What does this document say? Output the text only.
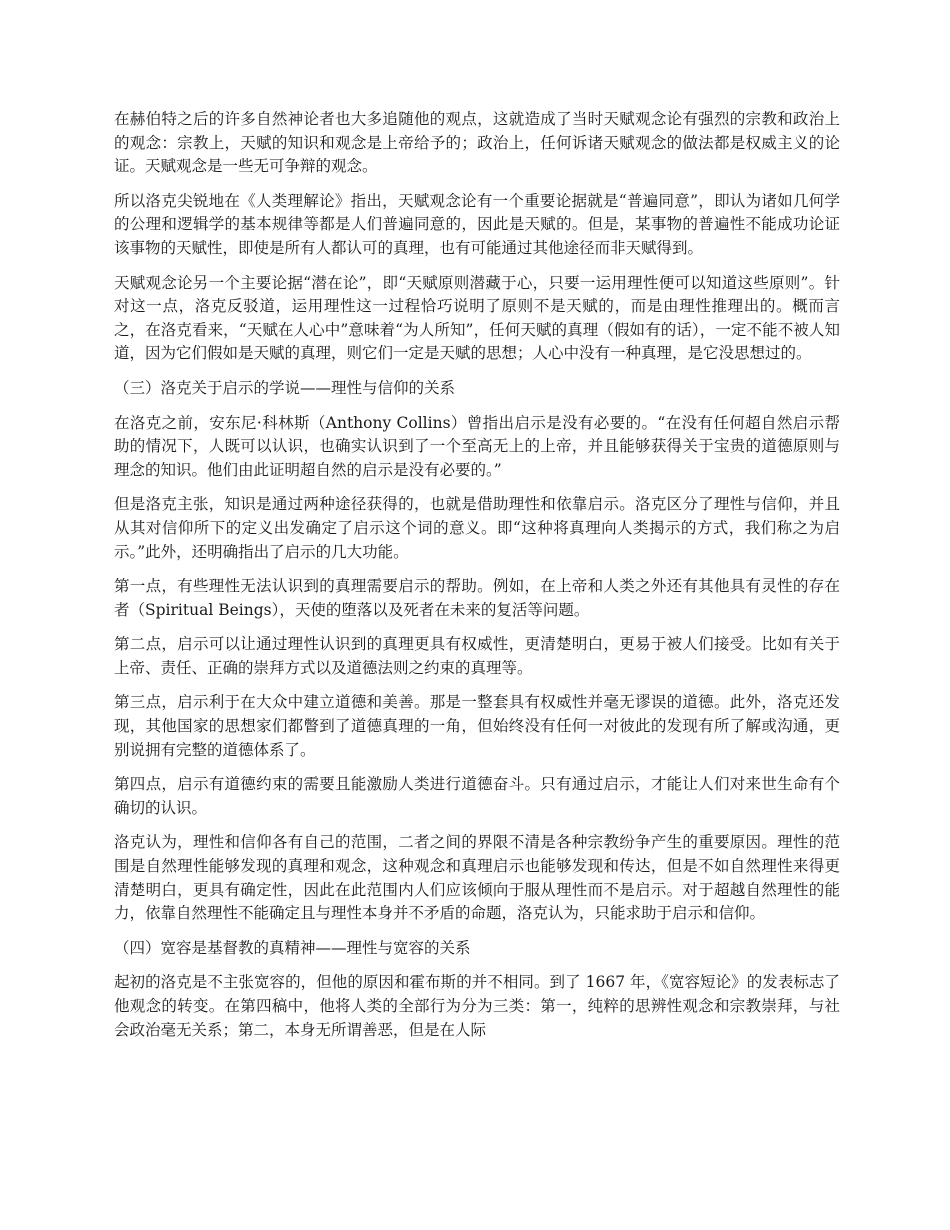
在赫伯特之后的许多自然神论者也大多追随他的观点，这就造成了当时天赋观念论有强烈的宗教和政治上的观念：宗教上，天赋的知识和观念是上帝给予的；政治上，任何诉诸天赋观念的做法都是权威主义的论证。天赋观念是一些无可争辩的观念。

所以洛克尖锐地在《人类理解论》指出，天赋观念论有一个重要论据就是“普遍同意”，即认为诸如几何学的公理和逻辑学的基本规律等都是人们普遍同意的，因此是天赋的。但是，某事物的普遍性不能成功论证该事物的天赋性，即使是所有人都认可的真理，也有可能通过其他途径而非天赋得到。

天赋观念论另一个主要论据“潜在论”，即“天赋原则潜藏于心，只要一运用理性便可以知道这些原则”。针对这一点，洛克反驳道，运用理性这一过程恰巧说明了原则不是天赋的，而是由理性推理出的。概而言之，在洛克看来，“天赋在人心中”意味着“为人所知”，任何天赋的真理（假如有的话），一定不能不被人知道，因为它们假如是天赋的真理，则它们一定是天赋的思想；人心中没有一种真理，是它没思想过的。

（三）洛克关于启示的学说——理性与信仰的关系

在洛克之前，安东尼·科林斯（Anthony Collins）曾指出启示是没有必要的。“在没有任何超自然启示帮助的情况下，人既可以认识，也确实认识到了一个至高无上的上帝，并且能够获得关于宝贵的道德原则与理念的知识。他们由此证明超自然的启示是没有必要的。”

但是洛克主张，知识是通过两种途径获得的，也就是借助理性和依靠启示。洛克区分了理性与信仰，并且从其对信仰所下的定义出发确定了启示这个词的意义。即“这种将真理向人类揭示的方式，我们称之为启示。”此外，还明确指出了启示的几大功能。

第一点，有些理性无法认识到的真理需要启示的帮助。例如，在上帝和人类之外还有其他具有灵性的存在者（Spiritual Beings），天使的堕落以及死者在未来的复活等问题。

第二点，启示可以让通过理性认识到的真理更具有权威性，更清楚明白，更易于被人们接受。比如有关于上帝、责任、正确的崇拜方式以及道德法则之约束的真理等。

第三点，启示利于在大众中建立道德和美善。那是一整套具有权威性并毫无谬误的道德。此外，洛克还发现，其他国家的思想家们都瞥到了道德真理的一角，但始终没有任何一对彼此的发现有所了解或沟通，更别说拥有完整的道德体系了。

第四点，启示有道德约束的需要且能激励人类进行道德奋斗。只有通过启示，才能让人们对来世生命有个确切的认识。

洛克认为，理性和信仰各有自己的范围，二者之间的界限不清是各种宗教纷争产生的重要原因。理性的范围是自然理性能够发现的真理和观念，这种观念和真理启示也能够发现和传达，但是不如自然理性来得更清楚明白，更具有确定性，因此在此范围内人们应该倾向于服从理性而不是启示。对于超越自然理性的能力，依靠自然理性不能确定且与理性本身并不矛盾的命题，洛克认为，只能求助于启示和信仰。

（四）宽容是基督教的真精神——理性与宽容的关系

起初的洛克是不主张宽容的，但他的原因和霍布斯的并不相同。到了 1667 年，《宽容短论》的发表标志了他观念的转变。在第四稿中，他将人类的全部行为分为三类：第一，纯粹的思辨性观念和宗教崇拜，与社会政治毫无关系；第二，本身无所谓善恶，但是在人际
